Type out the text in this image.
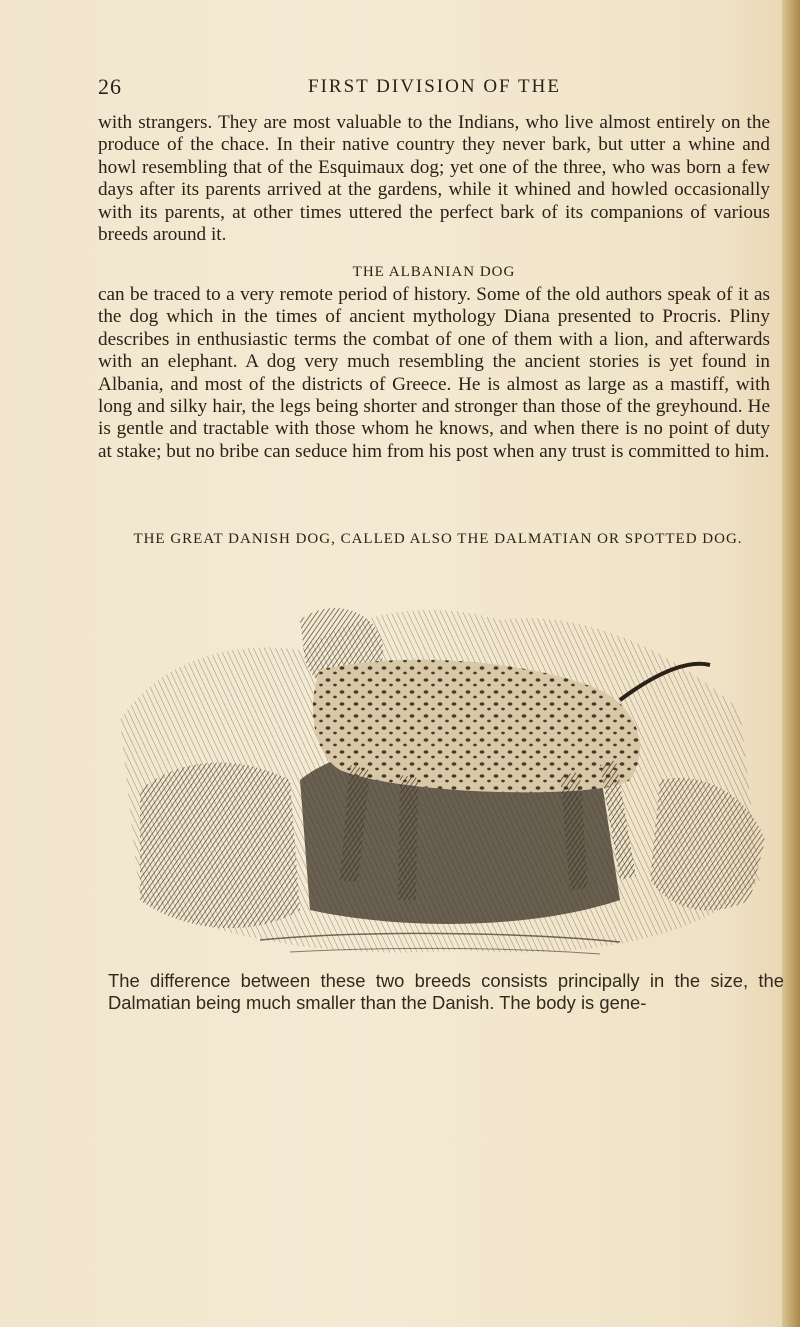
26	FIRST DIVISION OF THE

with strangers. They are most valuable to the Indians, who live almost entirely on the produce of the chace. In their native country they never bark, but utter a whine and howl resembling that of the Esquimaux dog; yet one of the three, who was born a few days after its parents arrived at the gardens, while it whined and howled occasionally with its parents, at other times uttered the perfect bark of its companions of various breeds around it.

THE ALBANIAN DOG

can be traced to a very remote period of history. Some of the old authors speak of it as the dog which in the times of ancient mythology Diana presented to Procris. Pliny describes in enthusiastic terms the combat of one of them with a lion, and afterwards with an elephant. A dog very much resembling the ancient stories is yet found in Albania, and most of the districts of Greece. He is almost as large as a mastiff, with long and silky hair, the legs being shorter and stronger than those of the greyhound. He is gentle and tractable with those whom he knows, and when there is no point of duty at stake; but no bribe can seduce him from his post when any trust is committed to him.

THE GREAT DANISH DOG, CALLED ALSO THE DALMATIAN OR SPOTTED DOG.

The difference between these two breeds consists principally in the size, the Dalmatian being much smaller than the Danish. The body is gene-
